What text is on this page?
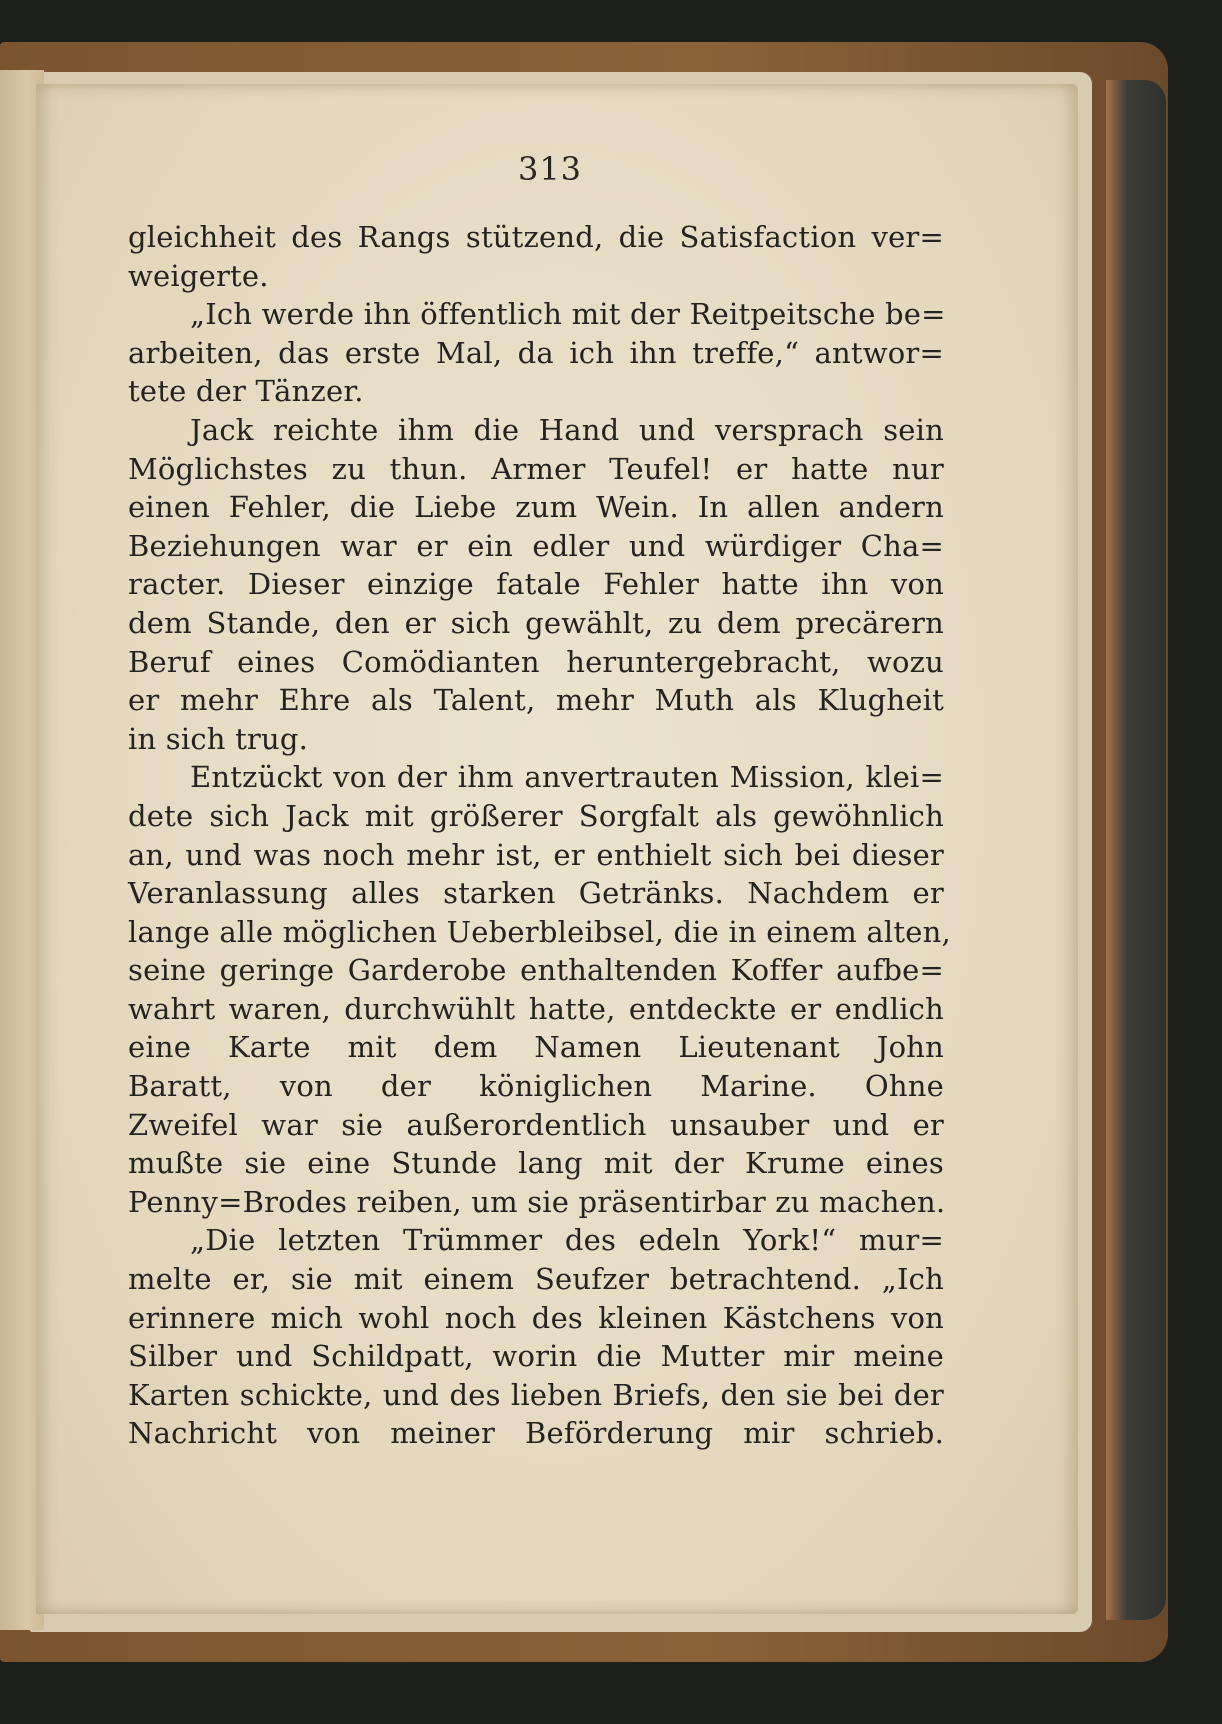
313
gleichheit des Rangs stützend, die Satisfaction ver=
weigerte.
„Ich werde ihn öffentlich mit der Reitpeitsche be=
arbeiten, das erste Mal, da ich ihn treffe,“ antwor=
tete der Tänzer.
Jack reichte ihm die Hand und versprach sein
Möglichstes zu thun. Armer Teufel! er hatte nur
einen Fehler, die Liebe zum Wein. In allen andern
Beziehungen war er ein edler und würdiger Cha=
racter. Dieser einzige fatale Fehler hatte ihn von
dem Stande, den er sich gewählt, zu dem precärern
Beruf eines Comödianten heruntergebracht, wozu
er mehr Ehre als Talent, mehr Muth als Klugheit
in sich trug.
Entzückt von der ihm anvertrauten Mission, klei=
dete sich Jack mit größerer Sorgfalt als gewöhnlich
an, und was noch mehr ist, er enthielt sich bei dieser
Veranlassung alles starken Getränks. Nachdem er
lange alle möglichen Ueberbleibsel, die in einem alten,
seine geringe Garderobe enthaltenden Koffer aufbe=
wahrt waren, durchwühlt hatte, entdeckte er endlich
eine Karte mit dem Namen Lieutenant John
Baratt, von der königlichen Marine. Ohne
Zweifel war sie außerordentlich unsauber und er
mußte sie eine Stunde lang mit der Krume eines
Penny=Brodes reiben, um sie präsentirbar zu machen.
„Die letzten Trümmer des edeln York!“ mur=
melte er, sie mit einem Seufzer betrachtend. „Ich
erinnere mich wohl noch des kleinen Kästchens von
Silber und Schildpatt, worin die Mutter mir meine
Karten schickte, und des lieben Briefs, den sie bei der
Nachricht von meiner Beförderung mir schrieb.
